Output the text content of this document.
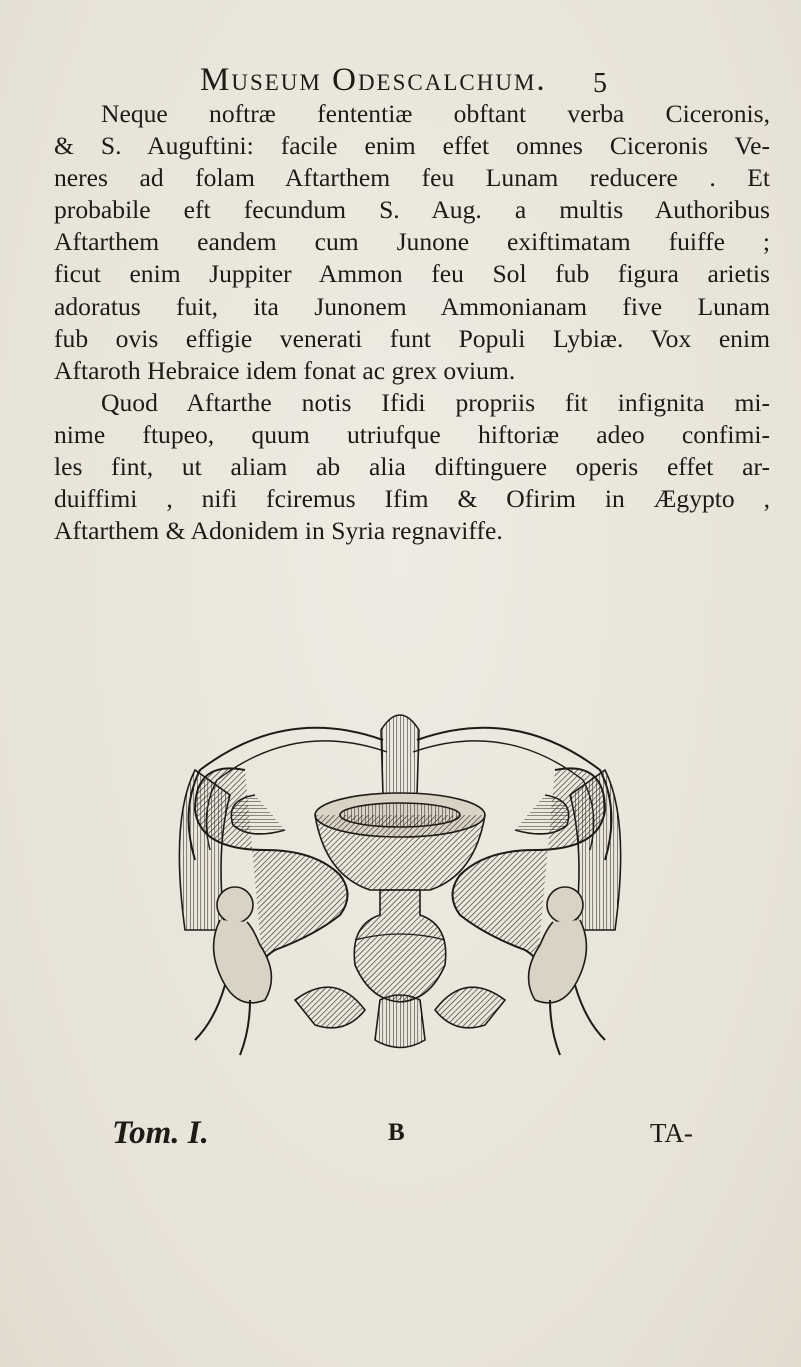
Museum Odescalchum.	5
Neque noftræ fententiæ obftant verba Ciceronis,
& S. Auguftini: facile enim effet omnes Ciceronis Ve-
neres ad folam Aftarthem feu Lunam reducere . Et
probabile eft fecundum S. Aug. a multis Authoribus
Aftarthem eandem cum Junone exiftimatam fuiffe ;
ficut enim Juppiter Ammon feu Sol fub figura arietis
adoratus fuit, ita Junonem Ammonianam five Lunam
fub ovis effigie venerati funt Populi Lybiæ. Vox enim
Aftaroth Hebraice idem fonat ac grex ovium.
Quod Aftarthe notis Ifidi propriis fit infignita mi-
nime ftupeo, quum utriufque hiftoriæ adeo confimi-
les fint, ut aliam ab alia diftinguere operis effet ar-
duiffimi , nifi fciremus Ifim & Ofirim in Ægypto ,
Aftarthem & Adonidem in Syria regnaviffe.
Tom. I.	B	TA-
